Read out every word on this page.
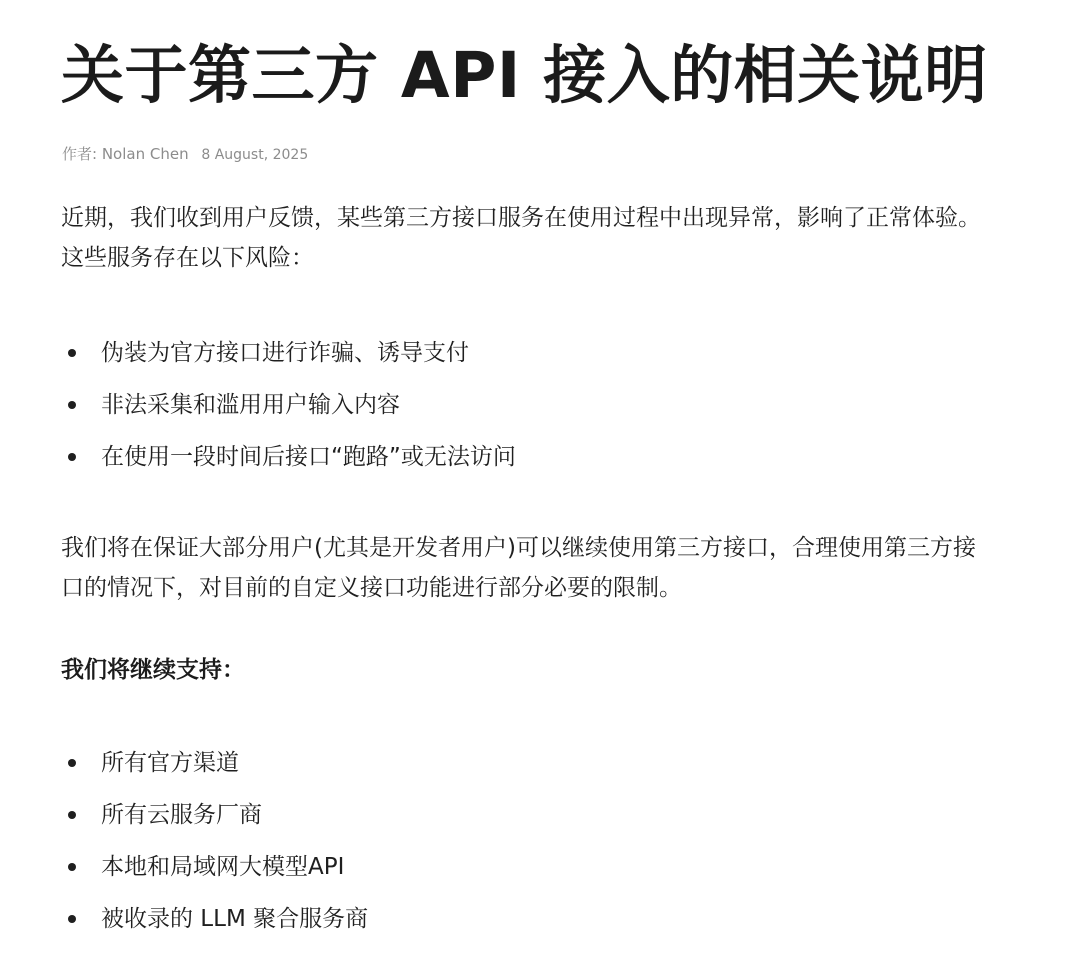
关于第三方 API 接入的相关说明
作者: Nolan Chen 8 August, 2025

近期，我们收到用户反馈，某些第三方接口服务在使用过程中出现异常，影响了正常体验。这些服务存在以下风险：

伪装为官方接口进行诈骗、诱导支付
非法采集和滥用用户输入内容
在使用一段时间后接口“跑路”或无法访问

我们将在保证大部分用户(尤其是开发者用户)可以继续使用第三方接口，合理使用第三方接口的情况下，对目前的自定义接口功能进行部分必要的限制。

我们将继续支持：
所有官方渠道
所有云服务厂商
本地和局域网大模型API
被收录的 LLM 聚合服务商
